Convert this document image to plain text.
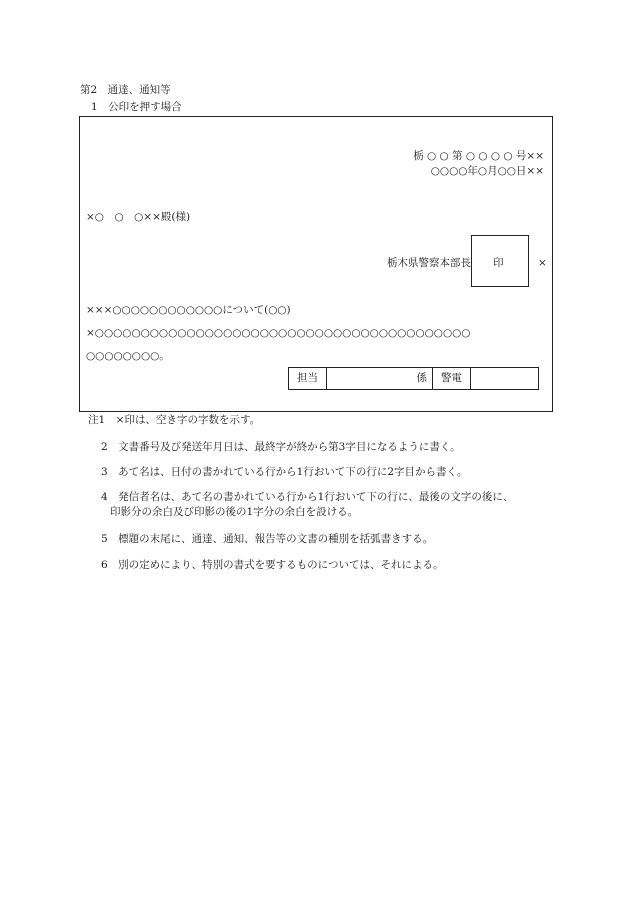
第2　通達、通知等
1　公印を押す場合
栃 ○ ○ 第 ○ ○ ○ ○ 号××
○○○○年○月○○日××
×○　○　○××殿(様)
栃木県警察本部長 印	×
×××○○○○○○○○○○○○について(○○)
×○○○○○○○○○○○○○○○○○○○○○○○○○○○○○○○○○○○○○○○○○
○○○○○○○○。
担当	係	警電
注1　×印は、空き字の字数を示す。
2　文書番号及び発送年月日は、最終字が終から第3字目になるように書く。
3　あて名は、日付の書かれている行から1行おいて下の行に2字目から書く。
4　発信者名は、あて名の書かれている行から1行おいて下の行に、最後の文字の後に、
印影分の余白及び印影の後の1字分の余白を設ける。
5　標題の末尾に、通達、通知、報告等の文書の種別を括弧書きする。
6　別の定めにより、特別の書式を要するものについては、それによる。
